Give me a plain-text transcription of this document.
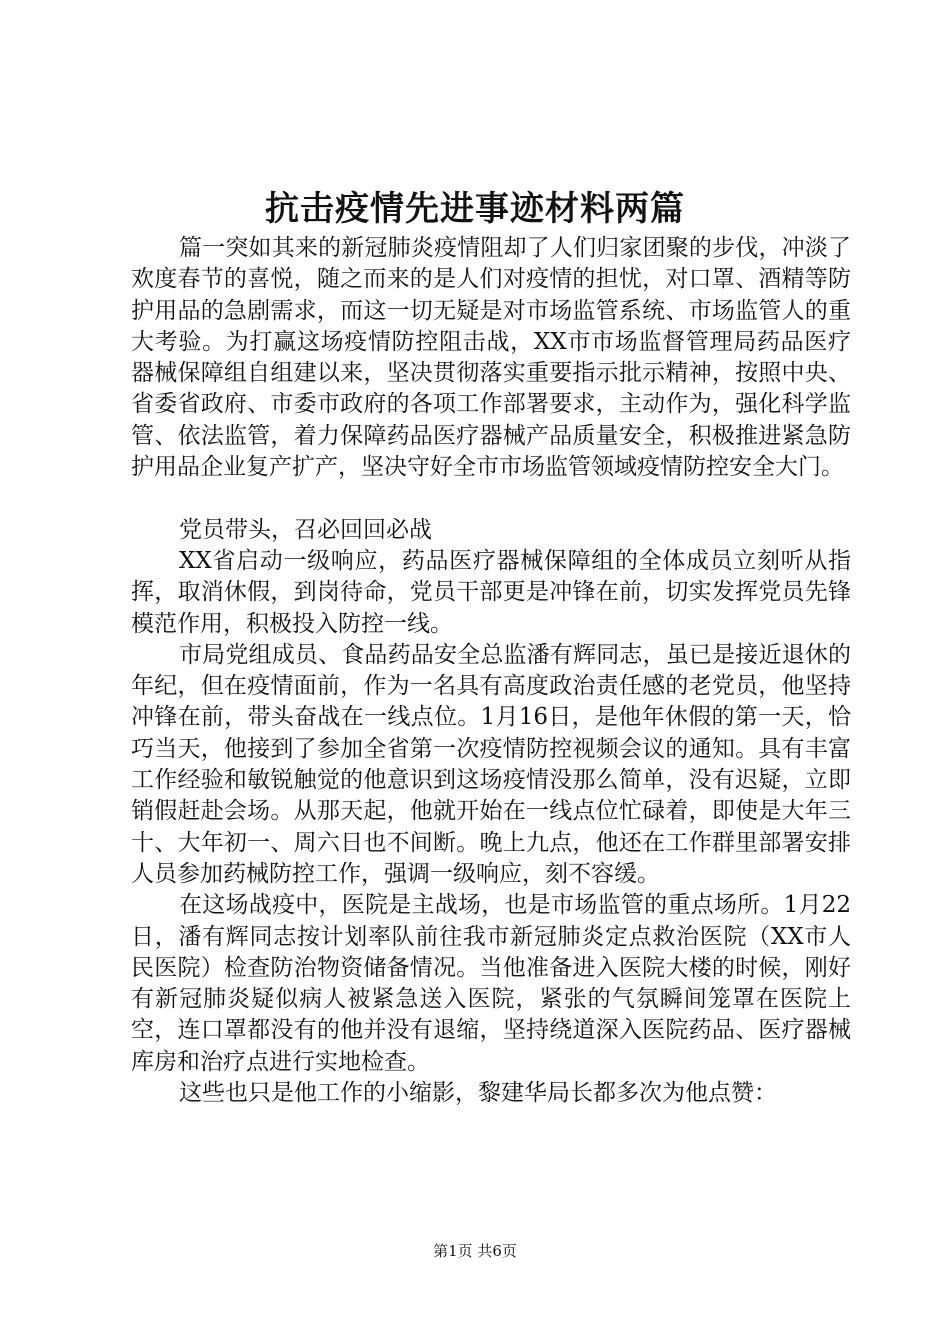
抗击疫情先进事迹材料两篇

篇一突如其来的新冠肺炎疫情阻却了人们归家团聚的步伐，冲淡了欢度春节的喜悦，随之而来的是人们对疫情的担忧，对口罩、酒精等防护用品的急剧需求，而这一切无疑是对市场监管系统、市场监管人的重大考验。为打赢这场疫情防控阻击战，XX市市场监督管理局药品医疗器械保障组自组建以来，坚决贯彻落实重要指示批示精神，按照中央、省委省政府、市委市政府的各项工作部署要求，主动作为，强化科学监管、依法监管，着力保障药品医疗器械产品质量安全，积极推进紧急防护用品企业复产扩产，坚决守好全市市场监管领域疫情防控安全大门。

党员带头，召必回回必战

XX省启动一级响应，药品医疗器械保障组的全体成员立刻听从指挥，取消休假，到岗待命，党员干部更是冲锋在前，切实发挥党员先锋模范作用，积极投入防控一线。

市局党组成员、食品药品安全总监潘有辉同志，虽已是接近退休的年纪，但在疫情面前，作为一名具有高度政治责任感的老党员，他坚持冲锋在前，带头奋战在一线点位。1月16日，是他年休假的第一天，恰巧当天，他接到了参加全省第一次疫情防控视频会议的通知。具有丰富工作经验和敏锐触觉的他意识到这场疫情没那么简单，没有迟疑，立即销假赶赴会场。从那天起，他就开始在一线点位忙碌着，即使是大年三十、大年初一、周六日也不间断。晚上九点，他还在工作群里部署安排人员参加药械防控工作，强调一级响应，刻不容缓。

在这场战疫中，医院是主战场，也是市场监管的重点场所。1月22日，潘有辉同志按计划率队前往我市新冠肺炎定点救治医院（XX市人民医院）检查防治物资储备情况。当他准备进入医院大楼的时候，刚好有新冠肺炎疑似病人被紧急送入医院，紧张的气氛瞬间笼罩在医院上空，连口罩都没有的他并没有退缩，坚持绕道深入医院药品、医疗器械库房和治疗点进行实地检查。

这些也只是他工作的小缩影，黎建华局长都多次为他点赞：

第1页 共6页
